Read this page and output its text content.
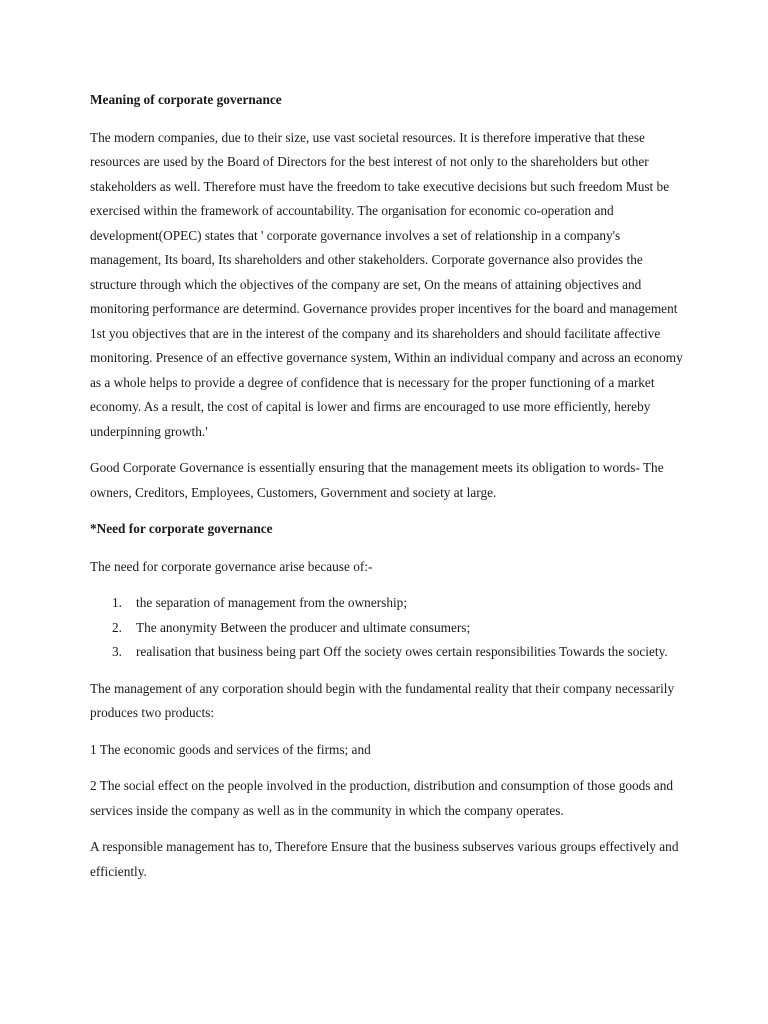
Meaning of corporate governance

The modern companies, due to their size, use vast societal resources. It is therefore imperative that these resources are used by the Board of Directors for the best interest of not only to the shareholders but other stakeholders as well. Therefore must have the freedom to take executive decisions but such freedom Must be exercised within the framework of accountability. The organisation for economic co-operation and development(OPEC) states that ' corporate governance involves a set of relationship in a company's management, Its board, Its shareholders and other stakeholders. Corporate governance also provides the structure through which the objectives of the company are set, On the means of attaining objectives and monitoring performance are determind. Governance provides proper incentives for the board and management 1st you objectives that are in the interest of the company and its shareholders and should facilitate affective monitoring. Presence of an effective governance system, Within an individual company and across an economy as a whole helps to provide a degree of confidence that is necessary for the proper functioning of a market economy. As a result, the cost of capital is lower and firms are encouraged to use more efficiently, hereby underpinning growth.'

Good Corporate Governance is essentially ensuring that the management meets its obligation to words- The owners, Creditors, Employees, Customers, Government and society at large.

*Need for corporate governance

The need for corporate governance arise because of:-

1. the separation of management from the ownership;
2. The anonymity Between the producer and ultimate consumers;
3. realisation that business being part Off the society owes certain responsibilities Towards the society.

The management of any corporation should begin with the fundamental reality that their company necessarily produces two products:

1 The economic goods and services of the firms; and

2 The social effect on the people involved in the production, distribution and consumption of those goods and services inside the company as well as in the community in which the company operates.

A responsible management has to, Therefore Ensure that the business subserves various groups effectively and efficiently.
